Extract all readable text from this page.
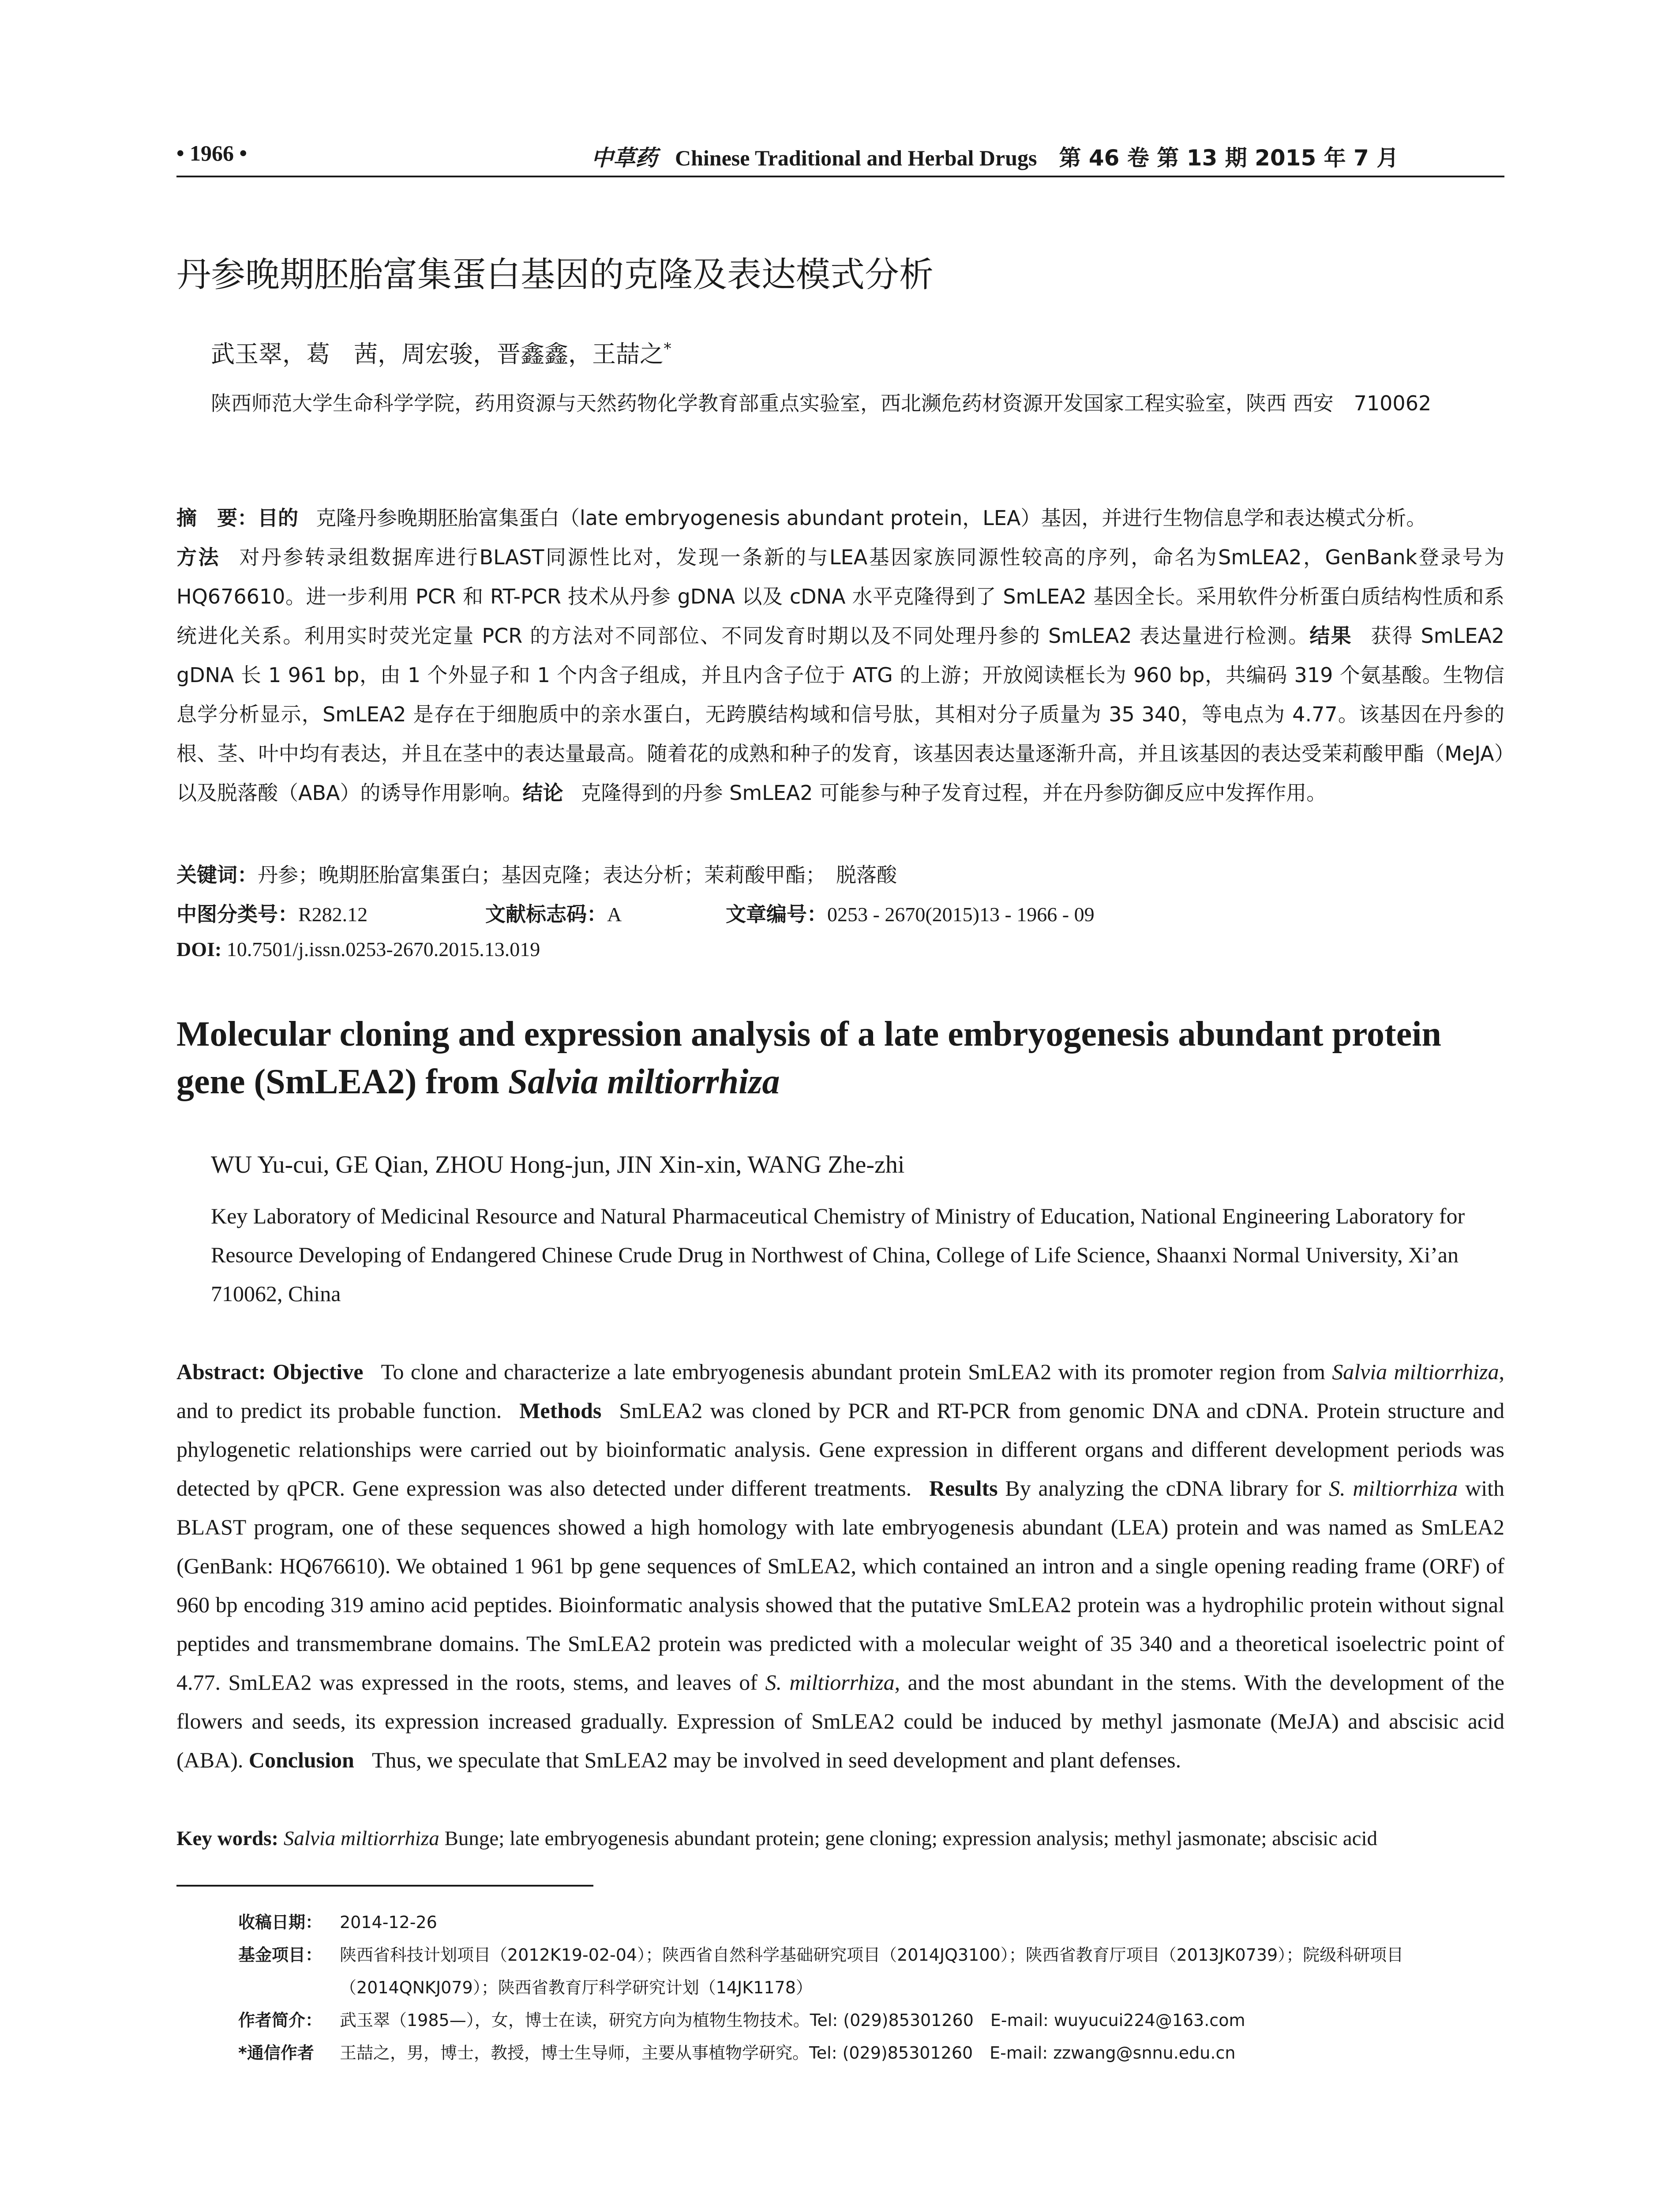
• 1966 •	中草药 Chinese Traditional and Herbal Drugs  第 46 卷 第 13 期 2015 年 7 月
丹参晚期胚胎富集蛋白基因的克隆及表达模式分析
武玉翠，葛　茜，周宏骏，晋鑫鑫，王喆之*
陕西师范大学生命科学学院，药用资源与天然药物化学教育部重点实验室，西北濒危药材资源开发国家工程实验室，陕西 西安　710062
摘　要：目的 克隆丹参晚期胚胎富集蛋白（late embryogenesis abundant protein，LEA）基因，并进行生物信息学和表达模式分析。
方法 对丹参转录组数据库进行BLAST同源性比对，发现一条新的与LEA基因家族同源性较高的序列，命名为SmLEA2，GenBank登录号为 HQ676610。进一步利用 PCR 和 RT-PCR 技术从丹参 gDNA 以及 cDNA 水平克隆得到了 SmLEA2 基因全长。采用软件分析蛋白质结构性质和系统进化关系。利用实时荧光定量 PCR 的方法对不同部位、不同发育时期以及不同处理丹参的 SmLEA2 表达量进行检测。结果 获得 SmLEA2 gDNA 长 1 961 bp，由 1 个外显子和 1 个内含子组成，并且内含子位于 ATG 的上游；开放阅读框长为 960 bp，共编码 319 个氨基酸。生物信息学分析显示，SmLEA2 是存在于细胞质中的亲水蛋白，无跨膜结构域和信号肽，其相对分子质量为 35 340，等电点为 4.77。该基因在丹参的根、茎、叶中均有表达，并且在茎中的表达量最高。随着花的成熟和种子的发育，该基因表达量逐渐升高，并且该基因的表达受茉莉酸甲酯（MeJA）以及脱落酸（ABA）的诱导作用影响。结论 克隆得到的丹参 SmLEA2 可能参与种子发育过程，并在丹参防御反应中发挥作用。
关键词：丹参；晚期胚胎富集蛋白；基因克隆；表达分析；茉莉酸甲酯；　脱落酸
中图分类号：R282.12	文献标志码：A	文章编号：0253 - 2670(2015)13 - 1966 - 09
DOI: 10.7501/j.issn.0253-2670.2015.13.019
Molecular cloning and expression analysis of a late embryogenesis abundant protein gene (SmLEA2) from Salvia miltiorrhiza
WU Yu-cui, GE Qian, ZHOU Hong-jun, JIN Xin-xin, WANG Zhe-zhi
Key Laboratory of Medicinal Resource and Natural Pharmaceutical Chemistry of Ministry of Education, National Engineering Laboratory for Resource Developing of Endangered Chinese Crude Drug in Northwest of China, College of Life Science, Shaanxi Normal University, Xi’an 710062, China
Abstract: Objective To clone and characterize a late embryogenesis abundant protein SmLEA2 with its promoter region from Salvia miltiorrhiza, and to predict its probable function. Methods SmLEA2 was cloned by PCR and RT-PCR from genomic DNA and cDNA. Protein structure and phylogenetic relationships were carried out by bioinformatic analysis. Gene expression in different organs and different development periods was detected by qPCR. Gene expression was also detected under different treatments. Results By analyzing the cDNA library for S. miltiorrhiza with BLAST program, one of these sequences showed a high homology with late embryogenesis abundant (LEA) protein and was named as SmLEA2 (GenBank: HQ676610). We obtained 1 961 bp gene sequences of SmLEA2, which contained an intron and a single opening reading frame (ORF) of 960 bp encoding 319 amino acid peptides. Bioinformatic analysis showed that the putative SmLEA2 protein was a hydrophilic protein without signal peptides and transmembrane domains. The SmLEA2 protein was predicted with a molecular weight of 35 340 and a theoretical isoelectric point of 4.77. SmLEA2 was expressed in the roots, stems, and leaves of S. miltiorrhiza, and the most abundant in the stems. With the development of the flowers and seeds, its expression increased gradually. Expression of SmLEA2 could be induced by methyl jasmonate (MeJA) and abscisic acid (ABA). Conclusion Thus, we speculate that SmLEA2 may be involved in seed development and plant defenses.
Key words: Salvia miltiorrhiza Bunge; late embryogenesis abundant protein; gene cloning; expression analysis; methyl jasmonate; abscisic acid
收稿日期： 2014-12-26
基金项目： 陕西省科技计划项目（2012K19-02-04）；陕西省自然科学基础研究项目（2014JQ3100）；陕西省教育厅项目（2013JK0739）；院级科研项目（2014QNKJ079）；陕西省教育厅科学研究计划（14JK1178）
作者简介： 武玉翠（1985—），女，博士在读，研究方向为植物生物技术。Tel: (029)85301260　E-mail: wuyucui224@163.com
*通信作者 王喆之，男，博士，教授，博士生导师，主要从事植物学研究。Tel: (029)85301260　E-mail: zzwang@snnu.edu.cn
